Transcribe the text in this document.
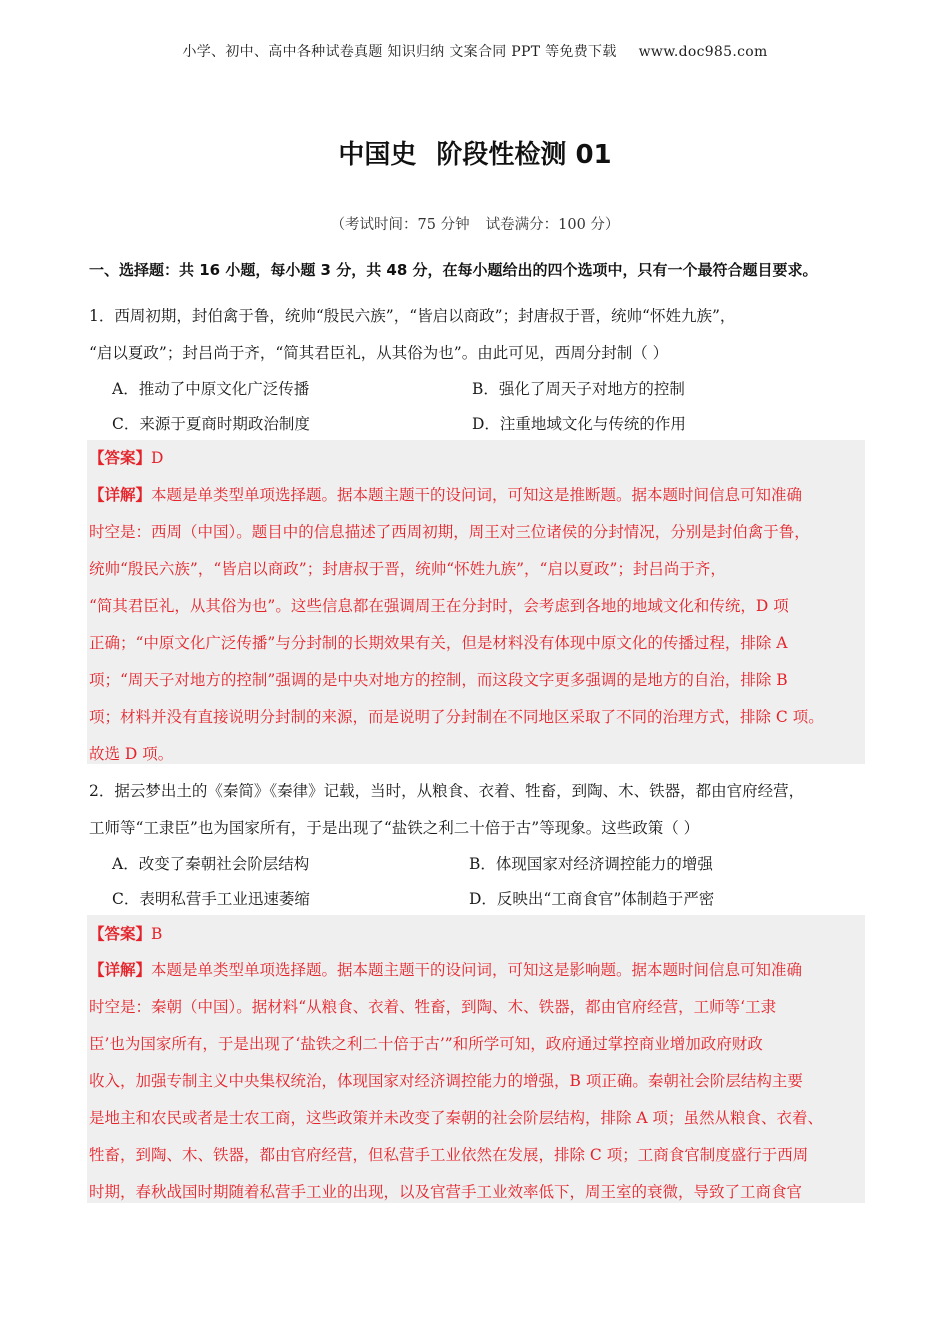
小学、初中、高中各种试卷真题 知识归纳 文案合同 PPT 等免费下载 www.doc985.com
中国史 阶段性检测 01
（考试时间：75 分钟 试卷满分：100 分）
一、选择题：共 16 小题，每小题 3 分，共 48 分，在每小题给出的四个选项中，只有一个最符合题目要求。
1．西周初期，封伯禽于鲁，统帅“殷民六族”，“皆启以商政”；封唐叔于晋，统帅“怀姓九族”，
“启以夏政”；封吕尚于齐，“简其君臣礼，从其俗为也”。由此可见，西周分封制（ ）
A．推动了中原文化广泛传播	B．强化了周天子对地方的控制
C．来源于夏商时期政治制度	D．注重地域文化与传统的作用
【答案】D
【详解】本题是单类型单项选择题。据本题主题干的设问词，可知这是推断题。据本题时间信息可知准确
时空是：西周（中国）。题目中的信息描述了西周初期，周王对三位诸侯的分封情况，分别是封伯禽于鲁，
统帅“殷民六族”，“皆启以商政”；封唐叔于晋，统帅“怀姓九族”，“启以夏政”；封吕尚于齐，
“简其君臣礼，从其俗为也”。这些信息都在强调周王在分封时，会考虑到各地的地域文化和传统，D 项
正确；“中原文化广泛传播”与分封制的长期效果有关，但是材料没有体现中原文化的传播过程，排除 A
项；“周天子对地方的控制”强调的是中央对地方的控制，而这段文字更多强调的是地方的自治，排除 B
项；材料并没有直接说明分封制的来源，而是说明了分封制在不同地区采取了不同的治理方式，排除 C 项。
故选 D 项。
2．据云梦出土的《秦简》《秦律》记载，当时，从粮食、衣着、牲畜，到陶、木、铁器，都由官府经营，
工师等“工隶臣”也为国家所有，于是出现了“盐铁之利二十倍于古”等现象。这些政策（ ）
A．改变了秦朝社会阶层结构	B．体现国家对经济调控能力的增强
C．表明私营手工业迅速萎缩	D．反映出“工商食官”体制趋于严密
【答案】B
【详解】本题是单类型单项选择题。据本题主题干的设问词，可知这是影响题。据本题时间信息可知准确
时空是：秦朝（中国）。据材料“从粮食、衣着、牲畜，到陶、木、铁器，都由官府经营，工师等‘工隶
臣’也为国家所有，于是出现了‘盐铁之利二十倍于古’”和所学可知，政府通过掌控商业增加政府财政
收入，加强专制主义中央集权统治，体现国家对经济调控能力的增强，B 项正确。秦朝社会阶层结构主要
是地主和农民或者是士农工商，这些政策并未改变了秦朝的社会阶层结构，排除 A 项；虽然从粮食、衣着、
牲畜，到陶、木、铁器，都由官府经营，但私营手工业依然在发展，排除 C 项；工商食官制度盛行于西周
时期，春秋战国时期随着私营手工业的出现，以及官营手工业效率低下，周王室的衰微，导致了工商食官
